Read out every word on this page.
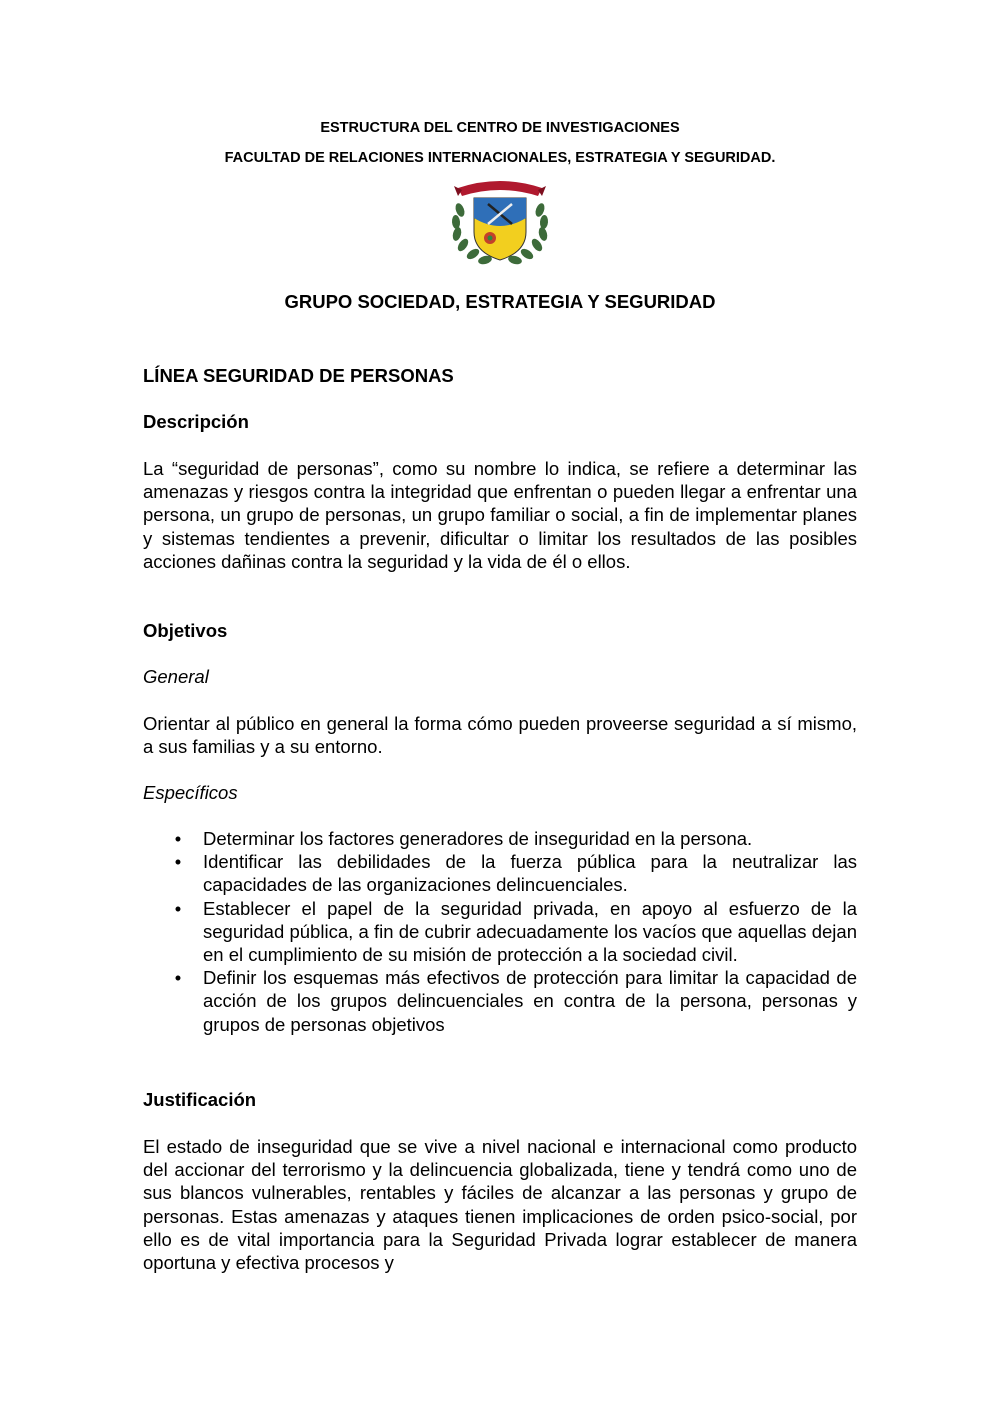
ESTRUCTURA DEL CENTRO DE INVESTIGACIONES
FACULTAD DE RELACIONES INTERNACIONALES, ESTRATEGIA Y SEGURIDAD.
GRUPO SOCIEDAD, ESTRATEGIA Y SEGURIDAD
LÍNEA SEGURIDAD DE PERSONAS
Descripción
La “seguridad de personas”, como su nombre lo indica, se refiere a determinar las amenazas y riesgos contra la integridad que enfrentan o pueden llegar a enfrentar una persona, un grupo de personas, un grupo familiar o social, a fin de implementar planes y sistemas tendientes a prevenir, dificultar o limitar los resultados de las posibles acciones dañinas contra la seguridad y la vida de él o ellos.
Objetivos
General
Orientar al público en general la forma cómo pueden proveerse seguridad a sí mismo, a sus familias y a su entorno.
Específicos
• Determinar los factores generadores de inseguridad en la persona.
• Identificar las debilidades de la fuerza pública para la neutralizar las capacidades de las organizaciones delincuenciales.
• Establecer el papel de la seguridad privada, en apoyo al esfuerzo de la seguridad pública, a fin de cubrir adecuadamente los vacíos que aquellas dejan en el cumplimiento de su misión de protección a la sociedad civil.
• Definir los esquemas más efectivos de protección para limitar la capacidad de acción de los grupos delincuenciales en contra de la persona, personas y grupos de personas objetivos
Justificación
El estado de inseguridad que se vive a nivel nacional e internacional como producto del accionar del terrorismo y la delincuencia globalizada, tiene y tendrá como uno de sus blancos vulnerables, rentables y fáciles de alcanzar a las personas y grupo de personas. Estas amenazas y ataques tienen implicaciones de orden psico-social, por ello es de vital importancia para la Seguridad Privada lograr establecer de manera oportuna y efectiva procesos y
